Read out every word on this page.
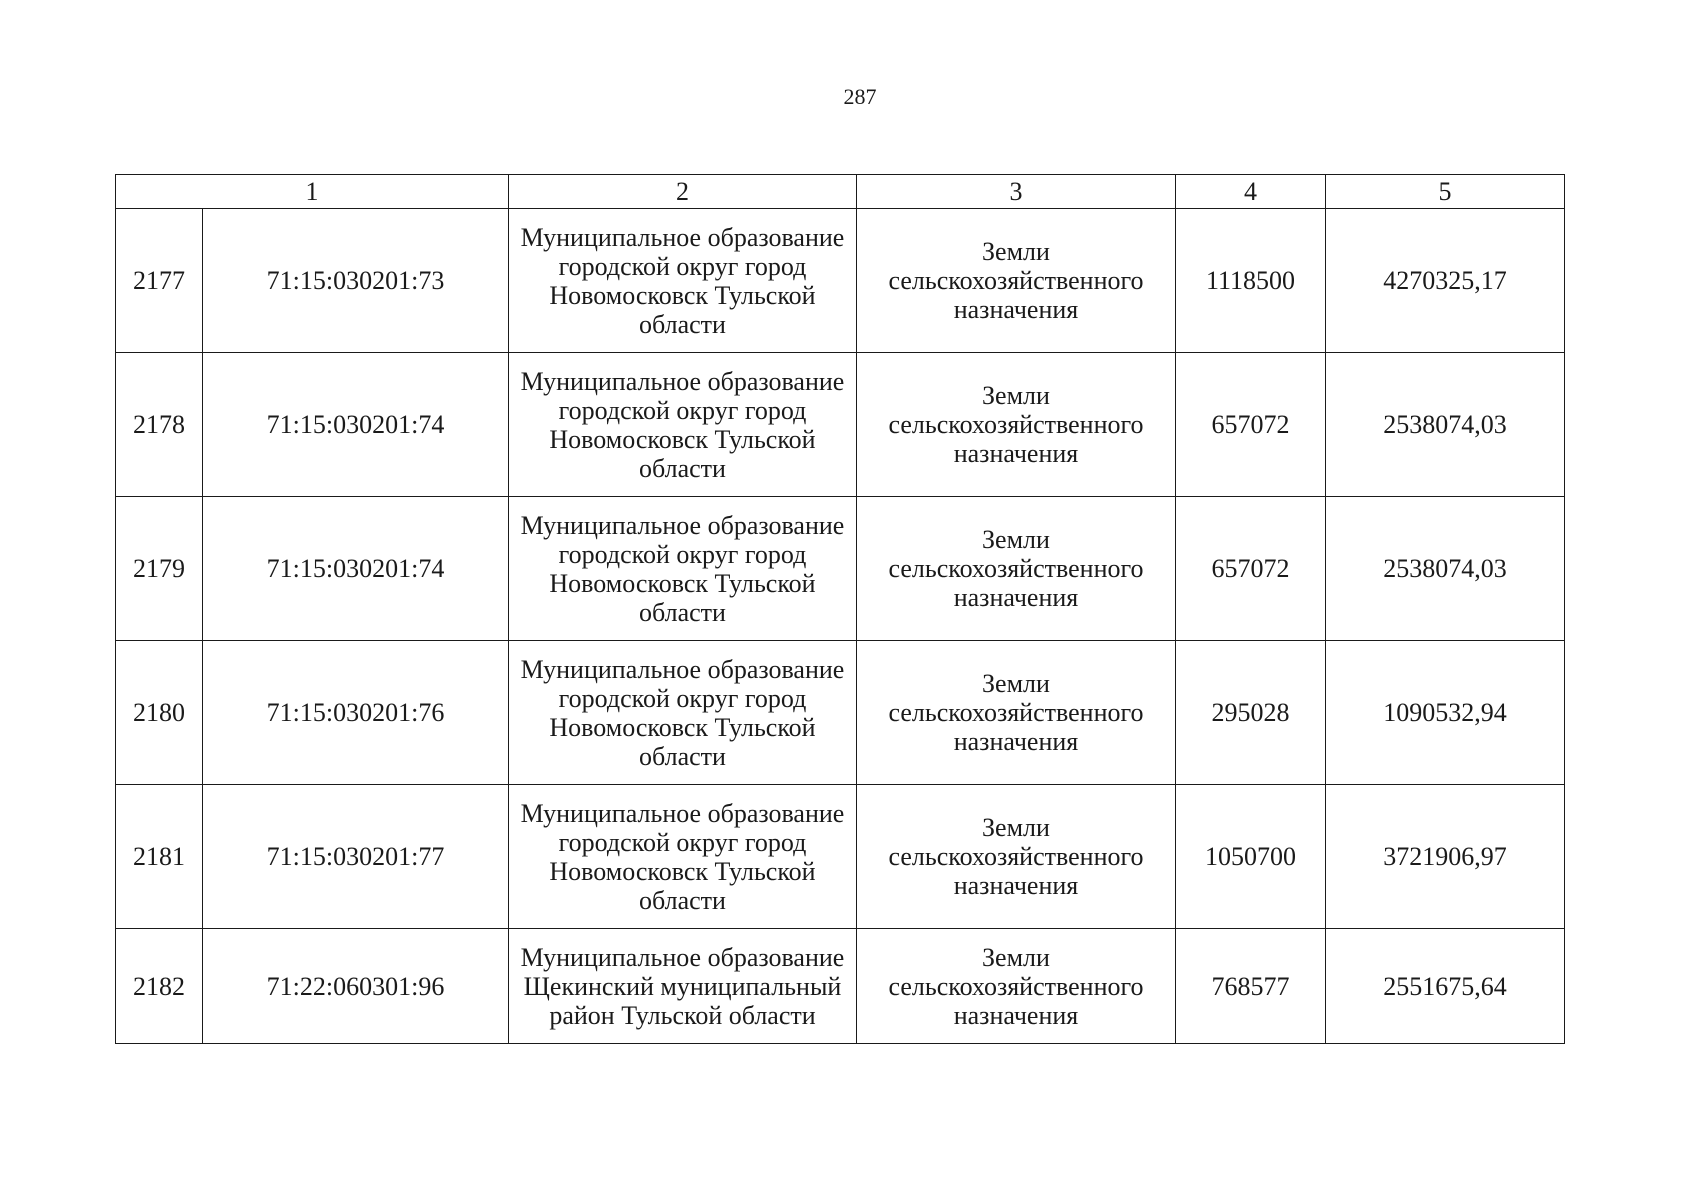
287
1		2	3	4	5
2177	71:15:030201:73	Муниципальное образование городской округ город Новомосковск Тульской области	Земли сельскохозяйственного назначения	1118500	4270325,17
2178	71:15:030201:74	Муниципальное образование городской округ город Новомосковск Тульской области	Земли сельскохозяйственного назначения	657072	2538074,03
2179	71:15:030201:74	Муниципальное образование городской округ город Новомосковск Тульской области	Земли сельскохозяйственного назначения	657072	2538074,03
2180	71:15:030201:76	Муниципальное образование городской округ город Новомосковск Тульской области	Земли сельскохозяйственного назначения	295028	1090532,94
2181	71:15:030201:77	Муниципальное образование городской округ город Новомосковск Тульской области	Земли сельскохозяйственного назначения	1050700	3721906,97
2182	71:22:060301:96	Муниципальное образование Щекинский муниципальный район Тульской области	Земли сельскохозяйственного назначения	768577	2551675,64
